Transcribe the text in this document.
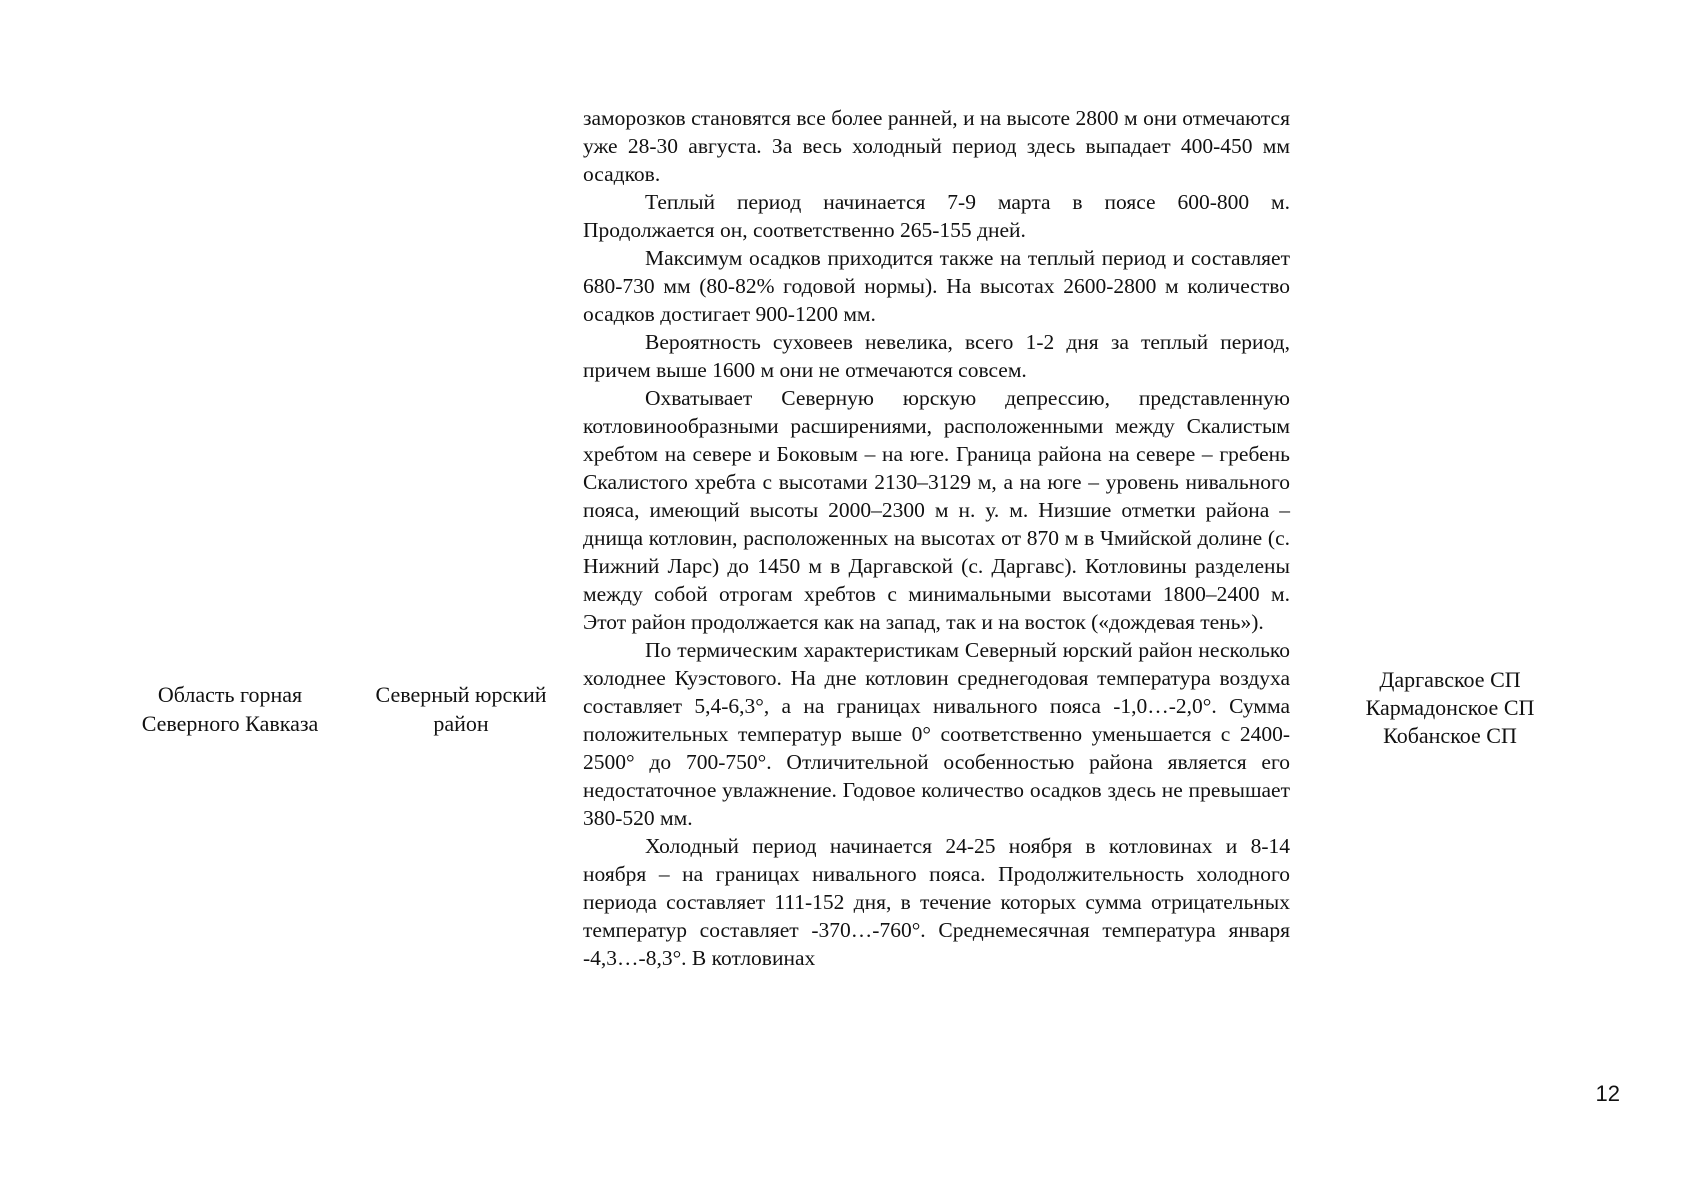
Область горная Северного Кавказа
Северный юрский район

заморозков становятся все более ранней, и на высоте 2800 м они отмечаются уже 28-30 августа. За весь холодный период здесь выпадает 400-450 мм осадков.

Теплый период начинается 7-9 марта в поясе 600-800 м. Продолжается он, соответственно 265-155 дней.

Максимум осадков приходится также на теплый период и составляет 680-730 мм (80-82% годовой нормы). На высотах 2600-2800 м количество осадков достигает 900-1200 мм.

Вероятность суховеев невелика, всего 1-2 дня за теплый период, причем выше 1600 м они не отмечаются совсем.

Охватывает Северную юрскую депрессию, представленную котловинообразными расширениями, расположенными между Скалистым хребтом на севере и Боковым – на юге. Граница района на севере – гребень Скалистого хребта с высотами 2130–3129 м, а на юге – уровень нивального пояса, имеющий высоты 2000–2300 м н. у. м. Низшие отметки района – днища котловин, расположенных на высотах от 870 м в Чмийской долине (с. Нижний Ларс) до 1450 м в Даргавской (с. Даргавс). Котловины разделены между собой отрогам хребтов с минимальными высотами 1800–2400 м. Этот район продолжается как на запад, так и на восток («дождевая тень»).

По термическим характеристикам Северный юрский район несколько холоднее Куэстового. На дне котловин среднегодовая температура воздуха составляет 5,4-6,3°, а на границах нивального пояса -1,0…-2,0°. Сумма положительных температур выше 0° соответственно уменьшается с 2400-2500° до 700-750°. Отличительной особенностью района является его недостаточное увлажнение. Годовое количество осадков здесь не превышает 380-520 мм.

Холодный период начинается 24-25 ноября в котловинах и 8-14 ноября – на границах нивального пояса. Продолжительность холодного периода составляет 111-152 дня, в течение которых сумма отрицательных температур составляет -370…-760°. Среднемесячная температура января -4,3…-8,3°. В котловинах

Даргавское СП
Кармадонское СП
Кобанское СП
12
